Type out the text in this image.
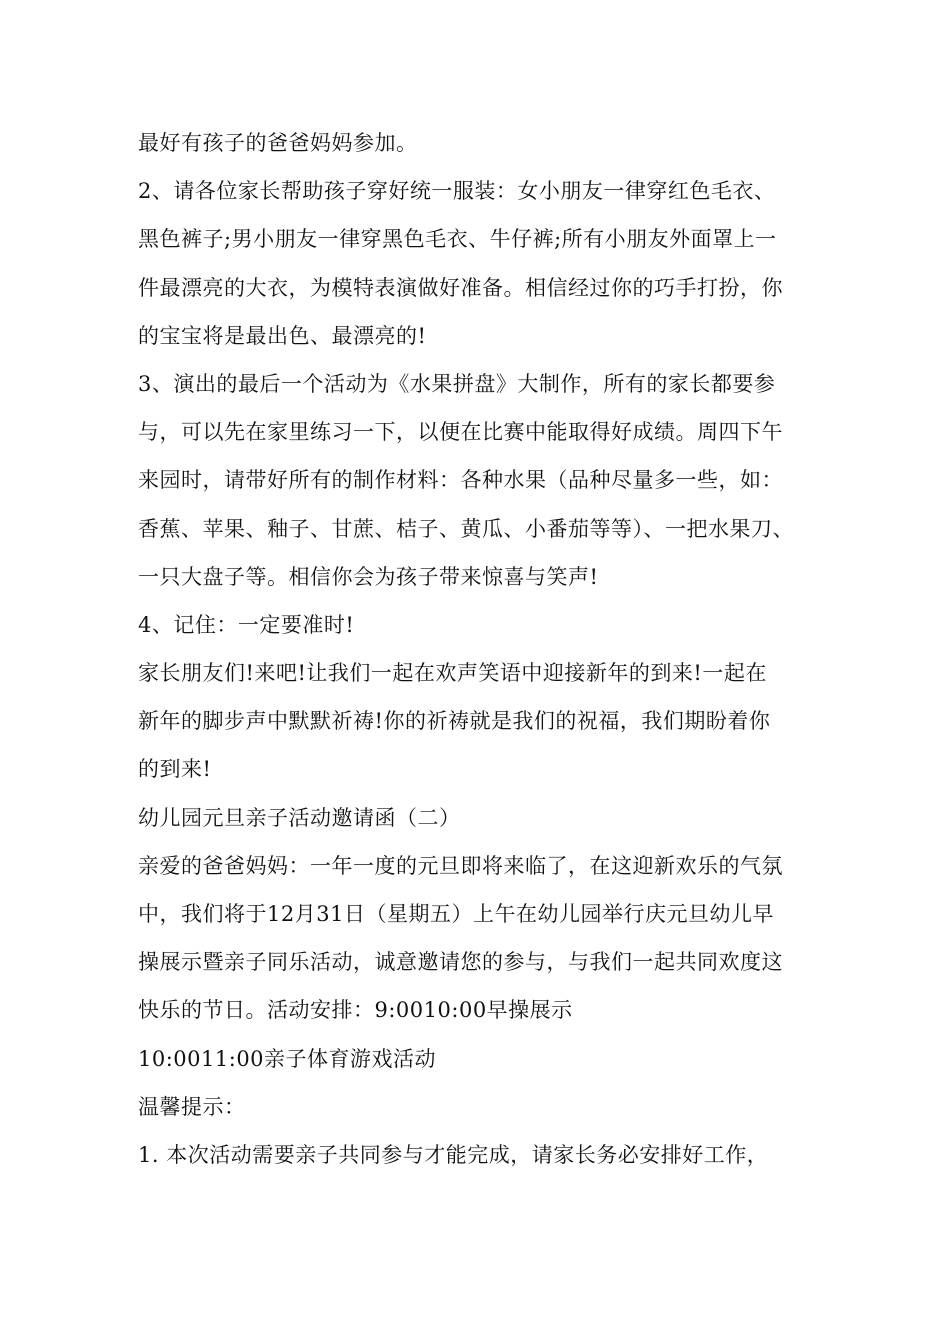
最好有孩子的爸爸妈妈参加。
2、请各位家长帮助孩子穿好统一服装：女小朋友一律穿红色毛衣、
黑色裤子;男小朋友一律穿黑色毛衣、牛仔裤;所有小朋友外面罩上一
件最漂亮的大衣，为模特表演做好准备。相信经过你的巧手打扮，你
的宝宝将是最出色、最漂亮的!
3、演出的最后一个活动为《水果拼盘》大制作，所有的家长都要参
与，可以先在家里练习一下，以便在比赛中能取得好成绩。周四下午
来园时，请带好所有的制作材料：各种水果（品种尽量多一些，如：
香蕉、苹果、釉子、甘蔗、桔子、黄瓜、小番茄等等）、一把水果刀、
一只大盘子等。相信你会为孩子带来惊喜与笑声!
4、记住：一定要准时!
家长朋友们!来吧!让我们一起在欢声笑语中迎接新年的到来!一起在
新年的脚步声中默默祈祷!你的祈祷就是我们的祝福，我们期盼着你
的到来!
幼儿园元旦亲子活动邀请函（二）
亲爱的爸爸妈妈：一年一度的元旦即将来临了，在这迎新欢乐的气氛
中，我们将于12月31日（星期五）上午在幼儿园举行庆元旦幼儿早
操展示暨亲子同乐活动，诚意邀请您的参与，与我们一起共同欢度这
快乐的节日。活动安排：9:0010:00早操展示
10:0011:00亲子体育游戏活动
温馨提示：
1. 本次活动需要亲子共同参与才能完成，请家长务必安排好工作，
